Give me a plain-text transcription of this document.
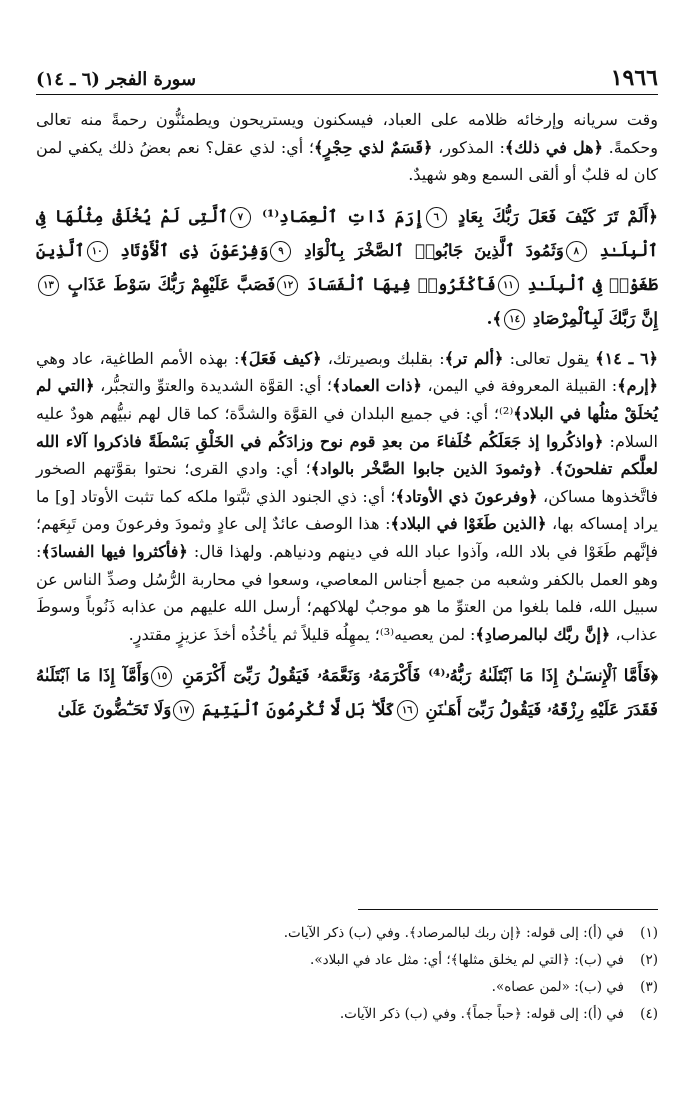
١٩٦٦
سورة الفجر (٦ ـ ١٤)

وقت سريانه وإرخائه ظلامه على العباد، فيسكنون ويستريحون ويطمئنُّون رحمةً منه تعالى وحكمةً. ﴿هل في ذلك﴾: المذكور، ﴿قَسَمٌ لذي حِجْرٍ﴾؛ أي: لذي عقل؟ نعم بعضُ ذلك يكفي لمن كان له قلبٌ أو ألقى السمع وهو شهيدٌ.

﴿أَلَمْ تَرَ كَيْفَ فَعَلَ رَبُّكَ بِعَادٍ ٦إِرَمَ ذَاتِ ٱلْعِمَادِ⁽¹⁾ ٧ٱلَّتِى لَمْ يُخْلَقْ مِثْلُهَا فِى ٱلْبِلَـٰدِ ٨وَثَمُودَ ٱلَّذِينَ جَابُوا۟ ٱلصَّخْرَ بِٱلْوَادِ ٩وَفِرْعَوْنَ ذِى ٱلْأَوْتَادِ ١٠ٱلَّذِينَ طَغَوْا۟ فِى ٱلْبِلَـٰدِ ١١فَأَكْثَرُوا۟ فِيهَا ٱلْفَسَادَ ١٢فَصَبَّ عَلَيْهِمْ رَبُّكَ سَوْطَ عَذَابٍ ١٣إِنَّ رَبَّكَ لَبِٱلْمِرْصَادِ ١٤﴾.

﴿٦ ـ ١٤﴾ يقول تعالى: ﴿ألم تر﴾: بقلبك وبصيرتك، ﴿كيف فَعَلَ﴾: بهذه الأمم الطاغية، عاد وهي ﴿إرم﴾: القبيلة المعروفة في اليمن، ﴿ذات العماد﴾؛ أي: القوَّة الشديدة والعتوِّ والتجبُّر، ﴿التي لم يُخلَقْ مثلُها في البلاد﴾⁽²⁾؛ أي: في جميع البلدان في القوَّة والشدَّة؛ كما قال لهم نبيُّهم هودٌ عليه السلام: ﴿واذكُروا إذ جَعَلَكُم خُلَفاءَ من بعدِ قوم نوح وزادَكُم في الخَلْقِ بَسْطَةً فاذكروا آلاء الله لعلَّكم تفلحونَ﴾. ﴿وثمودَ الذين جابوا الصَّخْر بالواد﴾؛ أي: وادي القرى؛ نحتوا بقوَّتهم الصخور فاتَّخذوها مساكن، ﴿وفرعونَ ذي الأوتاد﴾؛ أي: ذي الجنود الذي ثبَّتوا ملكه كما تثبت الأوتاد [و] ما يراد إمساكه بها، ﴿الذين طَغَوْا في البلاد﴾: هذا الوصف عائدٌ إلى عادٍ وثمودَ وفرعونَ ومن تَبِعَهم؛ فإنَّهم طَغَوْا في بلاد الله، وآذوا عباد الله في دينهم ودنياهم. ولهذا قال: ﴿فأكثروا فيها الفسادَ﴾: وهو العمل بالكفر وشعبه من جميع أجناس المعاصي، وسعوا في محاربة الرُّسُل وصدِّ الناس عن سبيل الله، فلما بلغوا من العتوِّ ما هو موجبٌ لهلاكهم؛ أرسل الله عليهم من عذابه ذَنُوباً وسوطَ عذاب، ﴿إنَّ ربَّك لبالمرصادِ﴾: لمن يعصيه⁽³⁾؛ يمهِلُه قليلاً ثم يأخُذُه أخذَ عزيزٍ مقتدرٍ.

﴿فَأَمَّا ٱلْإِنسَـٰنُ إِذَا مَا ٱبْتَلَىٰهُ رَبُّهُۥ⁽⁴⁾ فَأَكْرَمَهُۥ وَنَعَّمَهُۥ فَيَقُولُ رَبِّىٓ أَكْرَمَنِ ١٥وَأَمَّآ إِذَا مَا ٱبْتَلَىٰهُ فَقَدَرَ عَلَيْهِ رِزْقَهُۥ فَيَقُولُ رَبِّىٓ أَهَـٰنَنِ ١٦كَلَّا ۖ بَل لَّا تُكْرِمُونَ ٱلْيَتِيمَ ١٧وَلَا تَحَـٰٓضُّونَ عَلَىٰ
(١)
في (أ): إلى قوله: ﴿إن ربك لبالمرصاد﴾. وفي (ب) ذكر الآيات.
(٢)
في (ب): ﴿التي لم يخلق مثلها﴾؛ أي: مثل عاد في البلاد».
(٣)
في (ب): «لمن عصاه».
(٤)
في (أ): إلى قوله: ﴿حباً جماً﴾. وفي (ب) ذكر الآيات.
